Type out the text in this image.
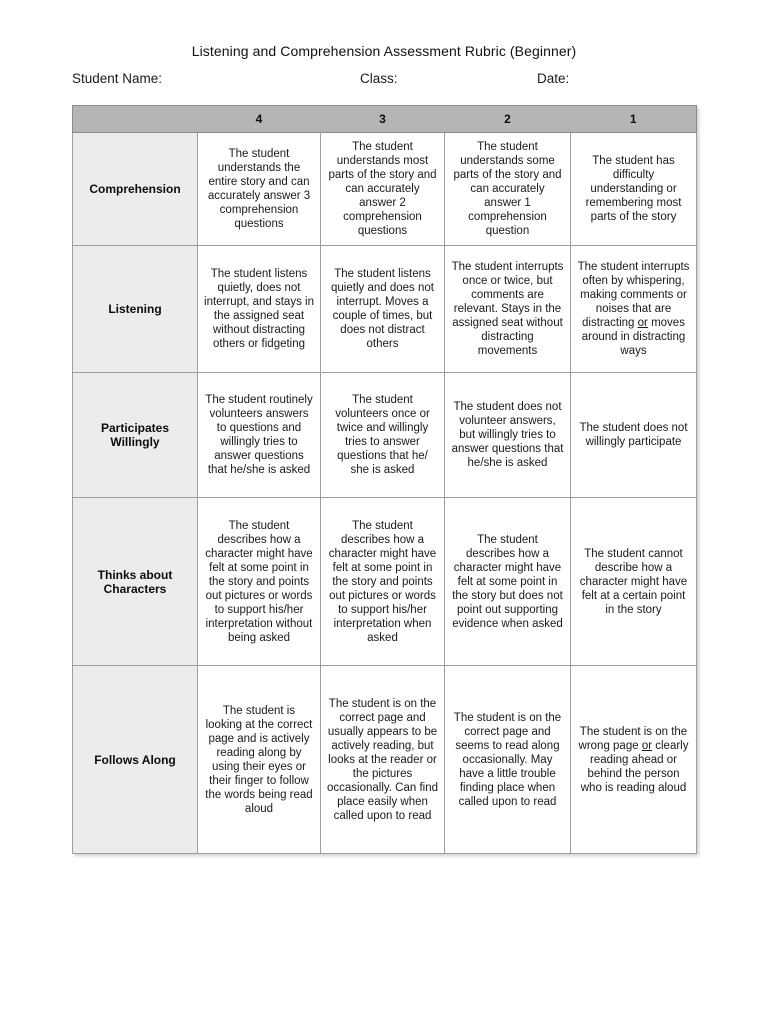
Listening and Comprehension Assessment Rubric (Beginner)
Student Name:	Class:	Date:
	4	3	2	1
Comprehension	The student understands the entire story and can accurately answer 3 comprehension questions	The student understands most parts of the story and can accurately answer 2 comprehension questions	The student understands some parts of the story and can accurately answer 1 comprehension question	The student has difficulty understanding or remembering most parts of the story
Listening	The student listens quietly, does not interrupt, and stays in the assigned seat without distracting others or fidgeting	The student listens quietly and does not interrupt. Moves a couple of times, but does not distract others	The student interrupts once or twice, but comments are relevant. Stays in the assigned seat without distracting movements	The student interrupts often by whispering, making comments or noises that are distracting or moves around in distracting ways
Participates Willingly	The student routinely volunteers answers to questions and willingly tries to answer questions that he/she is asked	The student volunteers once or twice and willingly tries to answer questions that he/ she is asked	The student does not volunteer answers, but willingly tries to answer questions that he/she is asked	The student does not willingly participate
Thinks about Characters	The student describes how a character might have felt at some point in the story and points out pictures or words to support his/her interpretation without being asked	The student describes how a character might have felt at some point in the story and points out pictures or words to support his/her interpretation when asked	The student describes how a character might have felt at some point in the story but does not point out supporting evidence when asked	The student cannot describe how a character might have felt at a certain point in the story
Follows Along	The student is looking at the correct page and is actively reading along by using their eyes or their finger to follow the words being read aloud	The student is on the correct page and usually appears to be actively reading, but looks at the reader or the pictures occasionally. Can find place easily when called upon to read	The student is on the correct page and seems to read along occasionally. May have a little trouble finding place when called upon to read	The student is on the wrong page or clearly reading ahead or behind the person who is reading aloud
